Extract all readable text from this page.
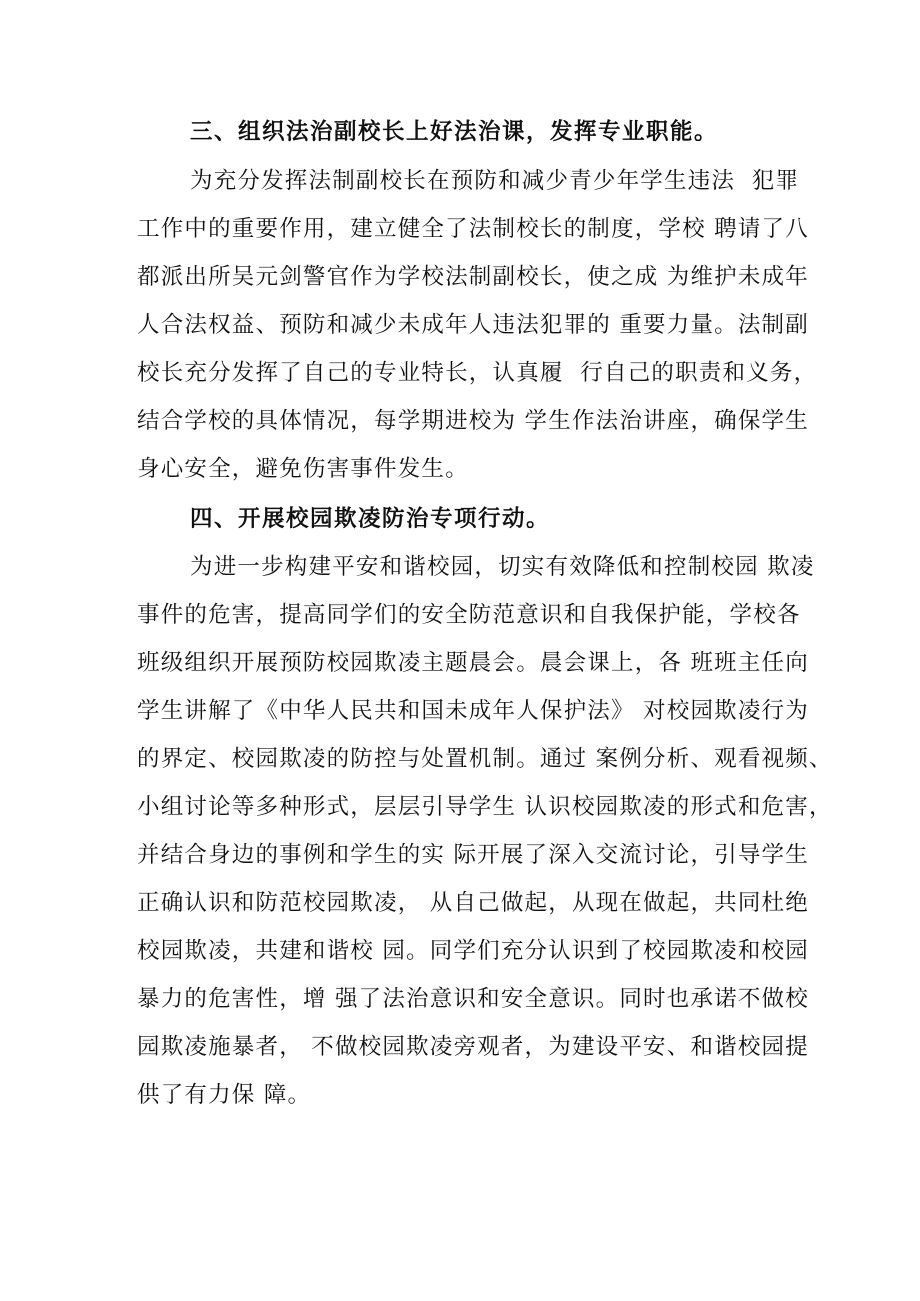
三、组织法治副校长上好法治课，发挥专业职能。
为充分发挥法制副校长在预防和减少青少年学生违法  犯罪
工作中的重要作用，建立健全了法制校长的制度，学校 聘请了八
都派出所吴元剑警官作为学校法制副校长，使之成 为维护未成年
人合法权益、预防和减少未成年人违法犯罪的 重要力量。法制副
校长充分发挥了自己的专业特长，认真履  行自己的职责和义务，
结合学校的具体情况，每学期进校为 学生作法治讲座，确保学生
身心安全，避免伤害事件发生。
四、开展校园欺凌防治专项行动。
为进一步构建平安和谐校园，切实有效降低和控制校园 欺凌
事件的危害，提高同学们的安全防范意识和自我保护能，学校各
班级组织开展预防校园欺凌主题晨会。晨会课上，各 班班主任向
学生讲解了《中华人民共和国未成年人保护法》 对校园欺凌行为
的界定、校园欺凌的防控与处置机制。通过 案例分析、观看视频、
小组讨论等多种形式，层层引导学生 认识校园欺凌的形式和危害，
并结合身边的事例和学生的实 际开展了深入交流讨论，引导学生
正确认识和防范校园欺凌， 从自己做起，从现在做起，共同杜绝
校园欺凌，共建和谐校 园。同学们充分认识到了校园欺凌和校园
暴力的危害性，增 强了法治意识和安全意识。同时也承诺不做校
园欺凌施暴者， 不做校园欺凌旁观者，为建设平安、和谐校园提
供了有力保 障。
